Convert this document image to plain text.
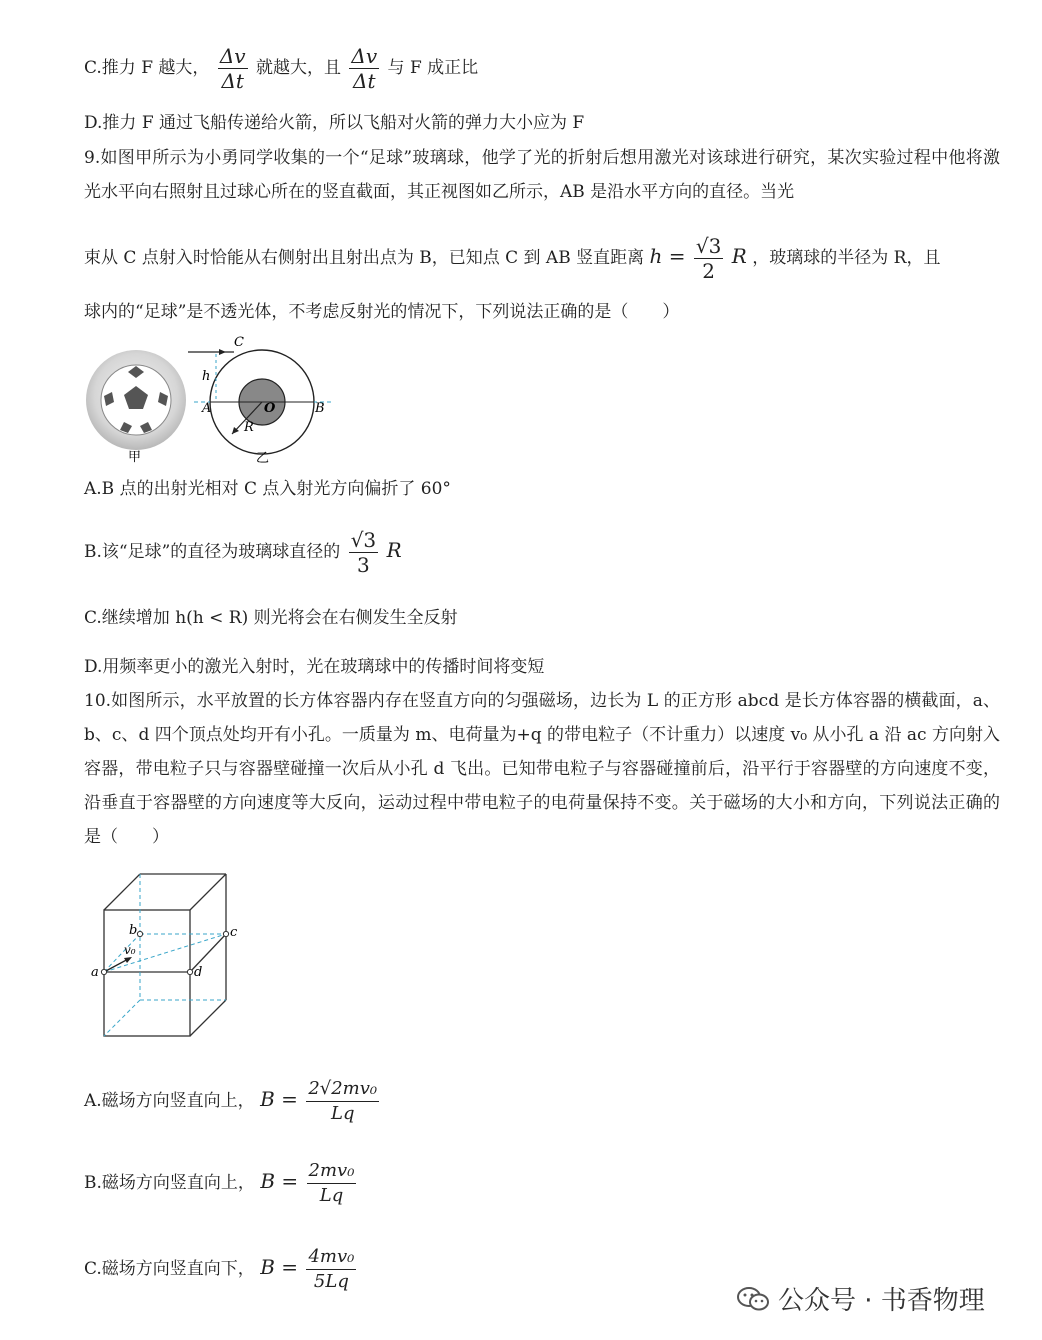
C.推力 F 越大， $\frac{\Delta v}{\Delta t}$ 就越大，且 $\frac{\Delta v}{\Delta t}$ 与 F 成正比
D.推力 F 通过飞船传递给火箭，所以飞船对火箭的弹力大小应为 F
9.如图甲所示为小勇同学收集的一个“足球”玻璃球，他学了光的折射后想用激光对该球进行研究，某次实验过程中他将激光水平向右照射且过球心所在的竖直截面，其正视图如乙所示，AB 是沿水平方向的直径。当光
束从 C 点射入时恰能从右侧射出且射出点为 B，已知点 C 到 AB 竖直距离 $h = \frac{√3}{2}$ R ，玻璃球的半径为 R，且
球内的“足球”是不透光体，不考虑反射光的情况下，下列说法正确的是（　　）
C
h
A	O	B
R
甲	乙
A.B 点的出射光相对 C 点入射光方向偏折了 60°
B.该“足球”的直径为玻璃球直径的 $\frac{√3}{3}$ R
C.继续增加 h(h < R) 则光将会在右侧发生全反射
D.用频率更小的激光入射时，光在玻璃球中的传播时间将变短
10.如图所示，水平放置的长方体容器内存在竖直方向的匀强磁场，边长为 L 的正方形 abcd 是长方体容器的横截面，a、b、c、d 四个顶点处均开有小孔。一质量为 m、电荷量为+q 的带电粒子（不计重力）以速度 v₀ 从小孔 a 沿 ac 方向射入容器，带电粒子只与容器壁碰撞一次后从小孔 d 飞出。已知带电粒子与容器碰撞前后，沿平行于容器壁的方向速度不变，沿垂直于容器壁的方向速度等大反向，运动过程中带电粒子的电荷量保持不变。关于磁场的大小和方向，下列说法正确的是（　　）
a
b	c
d
v₀
A.磁场方向竖直向上， $B = \frac{\text{2√2mv₀}}{Lq}$
B.磁场方向竖直向上， $B = \frac{\text{2mv₀}}{Lq}$
C.磁场方向竖直向下， $B = \frac{\text{4mv₀}}{5Lq}$
公众号 · 书香物理
